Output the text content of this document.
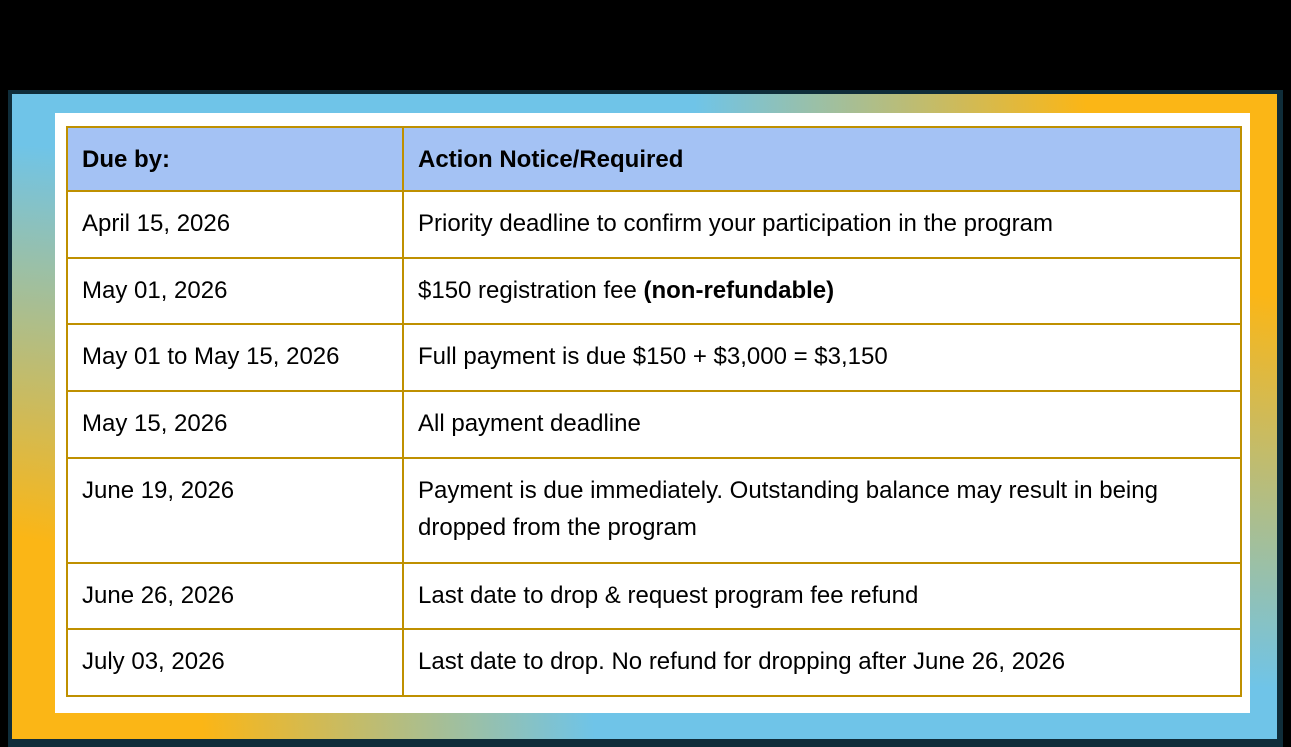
Due by:	Action Notice/Required
April 15, 2026	Priority deadline to confirm your participation in the program
May 01, 2026	$150 registration fee (non-refundable)
May 01 to May 15, 2026	Full payment is due $150 + $3,000 = $3,150
May 15, 2026	All payment deadline
June 19, 2026	Payment is due immediately. Outstanding balance may result in being dropped from the program
June 26, 2026	Last date to drop & request program fee refund
July 03, 2026	Last date to drop. No refund for dropping after June 26, 2026
